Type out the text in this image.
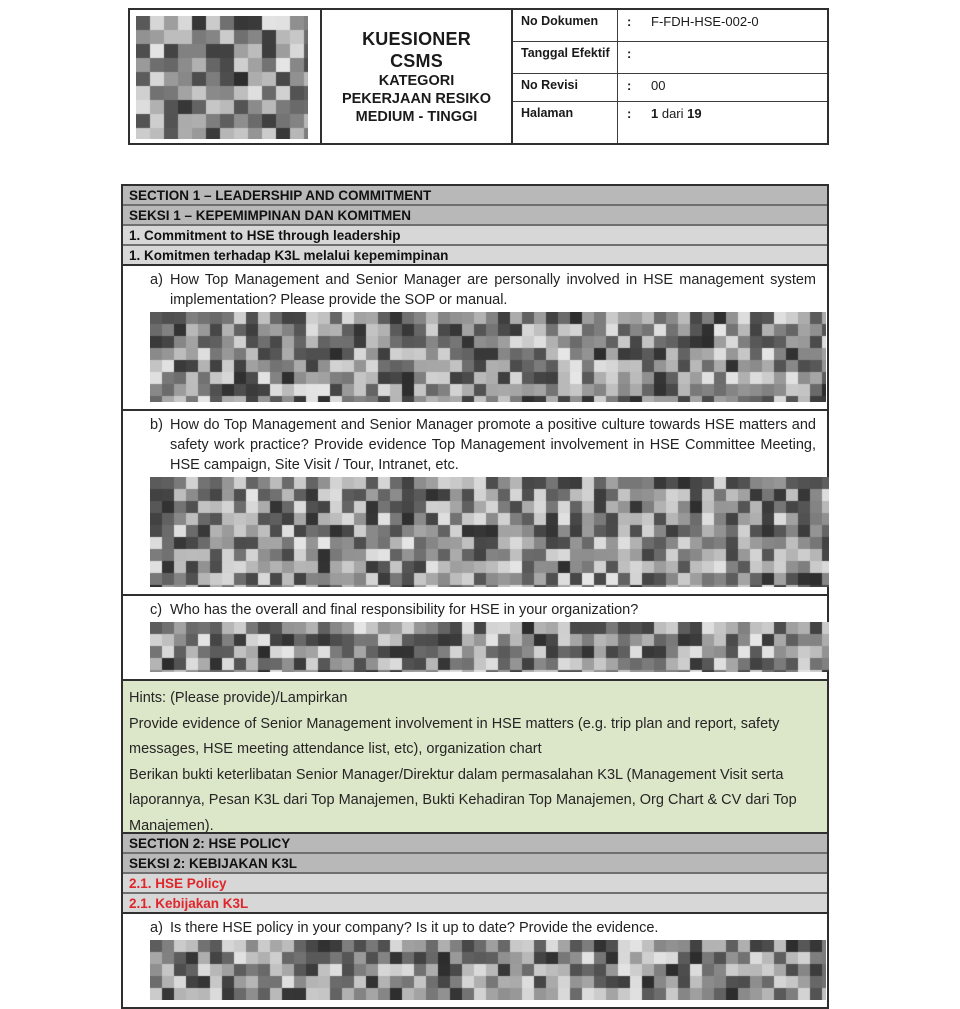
KUESIONER
CSMS
KATEGORI
PEKERJAAN RESIKO
MEDIUM - TINGGI
No Dokumen	: F-FDH-HSE-002-0
Tanggal Efektif	:
No Revisi	: 00
Halaman	: 1 dari 19
SECTION 1 – LEADERSHIP AND COMMITMENT
SEKSI 1 – KEPEMIMPINAN DAN KOMITMEN
1. Commitment to HSE through leadership
1. Komitmen terhadap K3L melalui kepemimpinan
a) How Top Management and Senior Manager are personally involved in HSE management system implementation? Please provide the SOP or manual.
b) How do Top Management and Senior Manager promote a positive culture towards HSE matters and safety work practice? Provide evidence Top Management involvement in HSE Committee Meeting, HSE campaign, Site Visit / Tour, Intranet, etc.
c) Who has the overall and final responsibility for HSE in your organization?

Hints: (Please provide)/Lampirkan

Provide evidence of Senior Management involvement in HSE matters (e.g. trip plan and report, safety messages, HSE meeting attendance list, etc), organization chart

Berikan bukti keterlibatan Senior Manager/Direktur dalam permasalahan K3L (Management Visit serta laporannya, Pesan K3L dari Top Manajemen, Bukti Kehadiran Top Manajemen, Org Chart & CV dari Top Manajemen).

SECTION 2: HSE POLICY
SEKSI 2: KEBIJAKAN K3L
2.1. HSE Policy
2.1. Kebijakan K3L
a) Is there HSE policy in your company? Is it up to date? Provide the evidence.
